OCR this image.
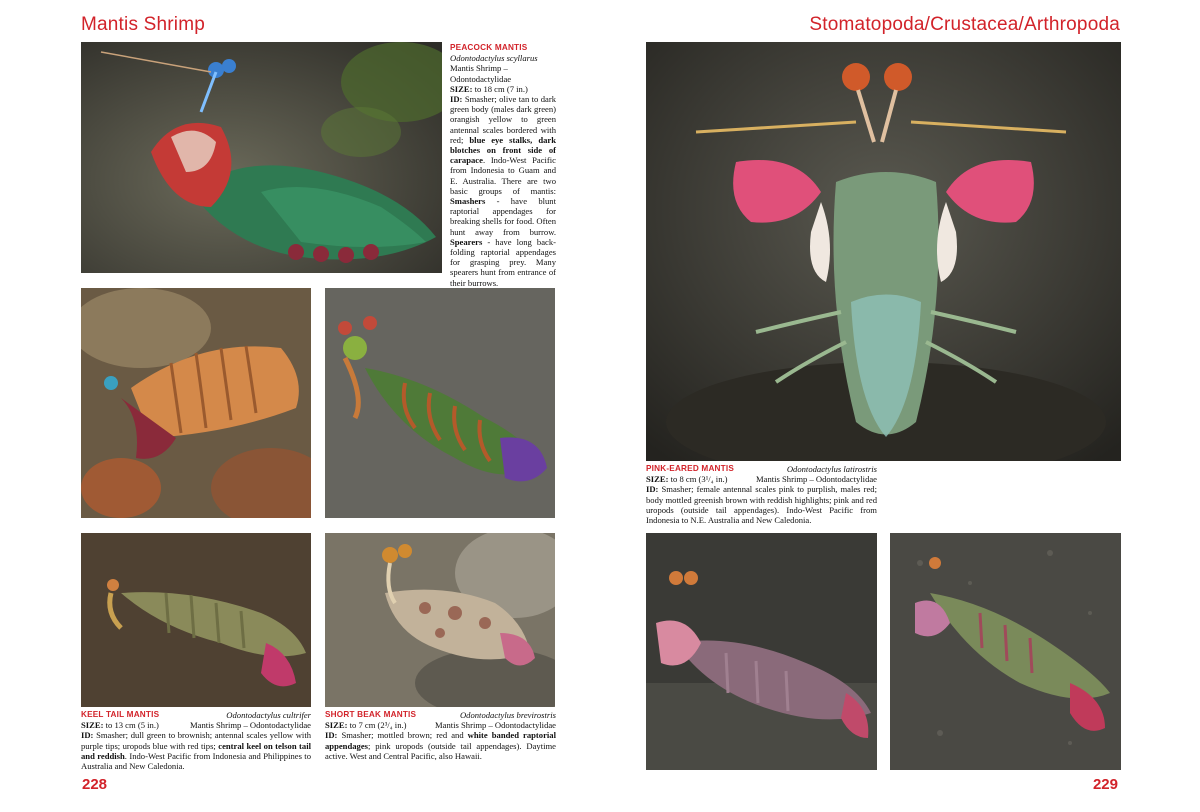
Mantis Shrimp	Stomatopoda/Crustacea/Arthropoda

PEACOCK MANTIS

Odontodactylus scyllarus

Mantis Shrimp – Odontodactylidae

SIZE: to 18 cm (7 in.)

ID: Smasher; olive tan to dark green body (males dark green) orangish yellow to green antennal scales bordered with red; blue eye stalks, dark blotches on front side of carapace. Indo-West Pacific from Indonesia to Guam and E. Australia. There are two basic groups of mantis: Smashers - have blunt raptorial appendages for breaking shells for food. Often hunt away from burrow. Spearers - have long back-folding raptorial appendages for grasping prey. Many spearers hunt from entrance of their burrows.

KEEL TAIL MANTIS	Odontodactylus cultrifer
SIZE: to 13 cm (5 in.)	Mantis Shrimp – Odontodactylidae

ID: Smasher; dull green to brownish; antennal scales yellow with purple tips; uropods blue with red tips; central keel on telson tail and reddish. Indo-West Pacific from Indonesia and Philippines to Australia and New Caledonia.

SHORT BEAK MANTIS	Odontodactylus brevirostris
SIZE: to 7 cm (2³/₄ in.)	Mantis Shrimp – Odontodactylidae

ID: Smasher; mottled brown; red and white banded raptorial appendages; pink uropods (outside tail appendages). Daytime active. West and Central Pacific, also Hawaii.

PINK-EARED MANTIS	Odontodactylus latirostris
SIZE: to 8 cm (3¹/₄ in.)	Mantis Shrimp – Odontodactylidae

ID: Smasher; female antennal scales pink to purplish, males red; body mottled greenish brown with reddish highlights; pink and red uropods (outside tail appendages). Indo-West Pacific from Indonesia to N.E. Australia and New Caledonia.

228	229
